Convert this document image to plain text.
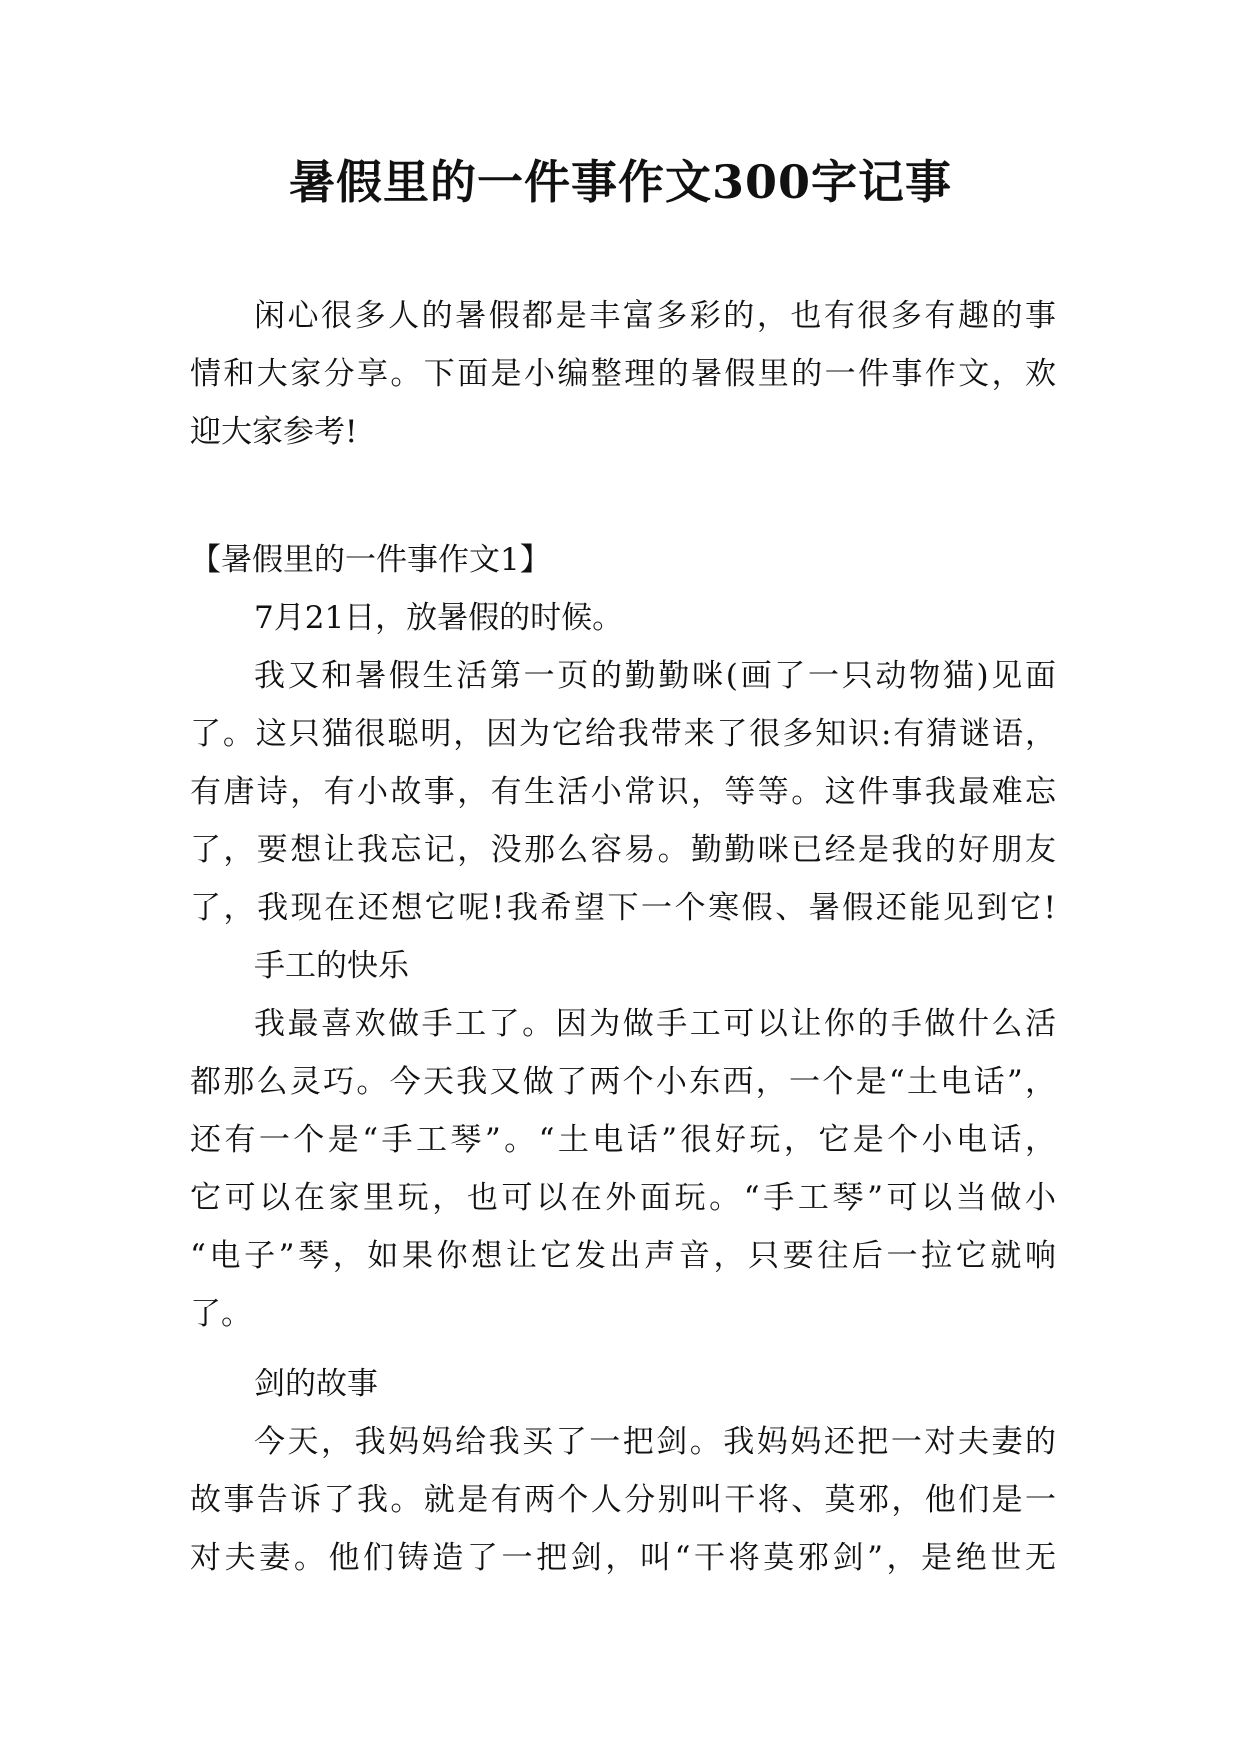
暑假里的一件事作文300字记事
闲心很多人的暑假都是丰富多彩的，也有很多有趣的事
情和大家分享。下面是小编整理的暑假里的一件事作文，欢
迎大家参考!
【暑假里的一件事作文1】
7月21日，放暑假的时候。
我又和暑假生活第一页的勤勤咪(画了一只动物猫)见面
了。这只猫很聪明，因为它给我带来了很多知识:有猜谜语，
有唐诗，有小故事，有生活小常识，等等。这件事我最难忘
了，要想让我忘记，没那么容易。勤勤咪已经是我的好朋友
了，我现在还想它呢!我希望下一个寒假、暑假还能见到它!
手工的快乐
我最喜欢做手工了。因为做手工可以让你的手做什么活
都那么灵巧。今天我又做了两个小东西，一个是“土电话”，
还有一个是“手工琴”。“土电话”很好玩，它是个小电话，
它可以在家里玩，也可以在外面玩。“手工琴”可以当做小
“电子”琴，如果你想让它发出声音，只要往后一拉它就响
了。
剑的故事
今天，我妈妈给我买了一把剑。我妈妈还把一对夫妻的
故事告诉了我。就是有两个人分别叫干将、莫邪，他们是一
对夫妻。他们铸造了一把剑，叫“干将莫邪剑”，是绝世无
